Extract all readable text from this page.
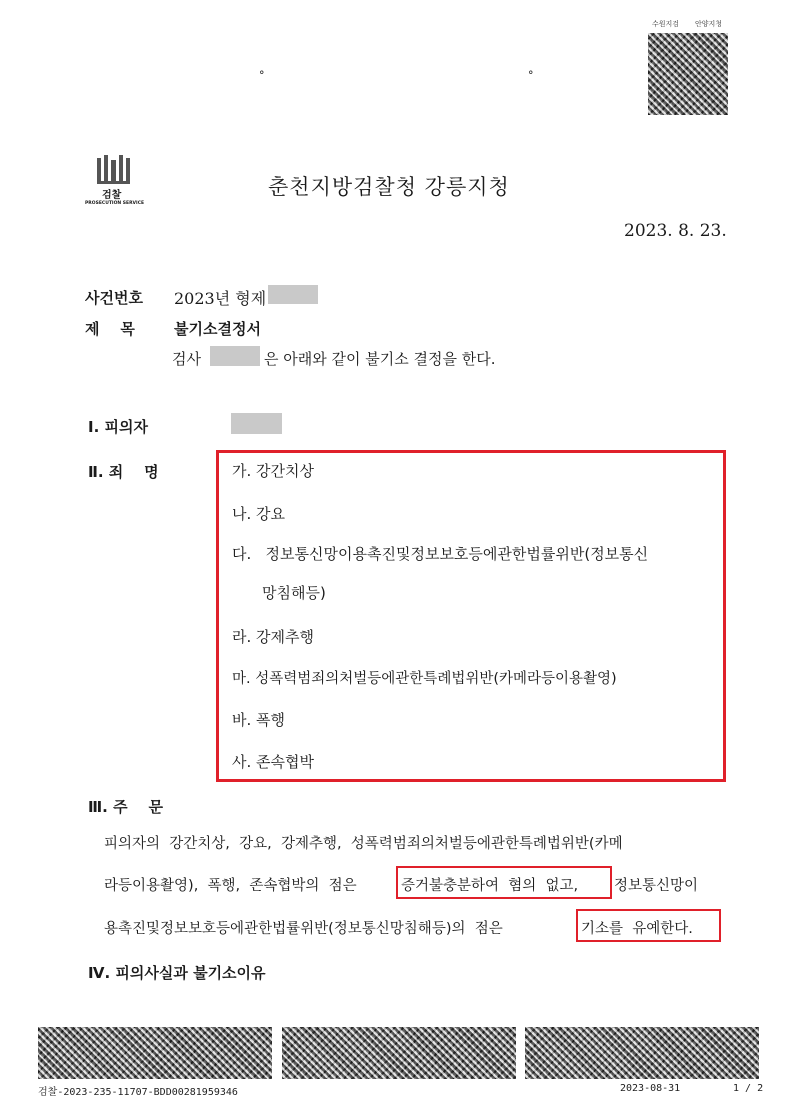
수원지검 안양지청
°	°
검찰
PROSECUTION SERVICE
춘천지방검찰청 강릉지청
2023. 8. 23.
사건번호 2023년 형제
제    목	불기소결정서
검사	은 아래와 같이 불기소 결정을 한다.
Ⅰ. 피의자
Ⅱ. 죄    명	가. 강간치상
나. 강요
다.   정보통신망이용촉진및정보보호등에관한법률위반(정보통신
망침해등)
라. 강제추행
마. 성폭력범죄의처벌등에관한특례법위반(카메라등이용촬영)
바. 폭행
사. 존속협박
Ⅲ. 주    문
피의자의  강간치상,  강요,  강제추행,  성폭력범죄의처벌등에관한특례법위반(카메
라등이용촬영),  폭행,  존속협박의  점은	증거불충분하여  혐의  없고, 정보통신망이
용촉진및정보보호등에관한법률위반(정보통신망침해등)의  점은	기소를  유예한다.
Ⅳ. 피의사실과 불기소이유
검찰-2023-235-11707-BDD00281959346	2023-08-31	1 / 2
